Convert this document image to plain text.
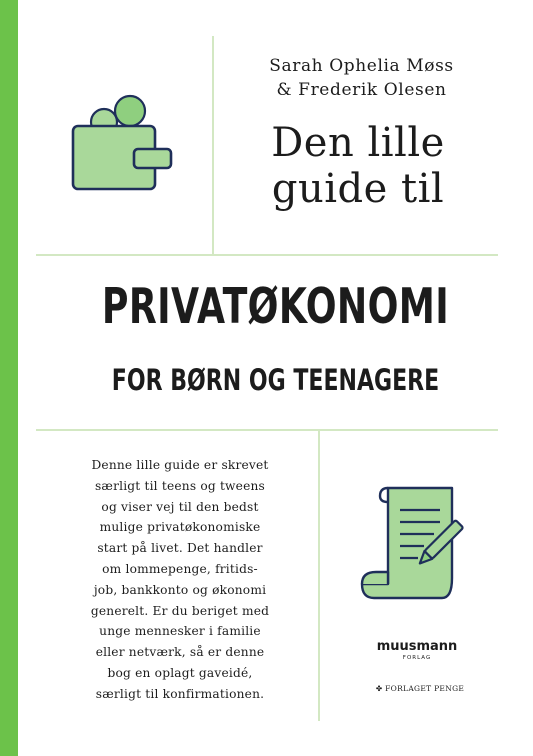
Sarah Ophelia Møss
& Frederik Olesen
Den lille
guide til
PRIVATØKONOMI
FOR BØRN OG TEENAGERE
Denne lille guide er skrevet
særligt til teens og tweens
og viser vej til den bedst
mulige privatøkonomiske
start på livet. Det handler
om lommepenge, fritids-
job, bankkonto og økonomi
generelt. Er du beriget med
unge mennesker i familie
eller netværk, så er denne
bog en oplagt gaveidé,
særligt til konfirmationen.
muusmann
FORLAG
✤ FORLAGET PENGE
